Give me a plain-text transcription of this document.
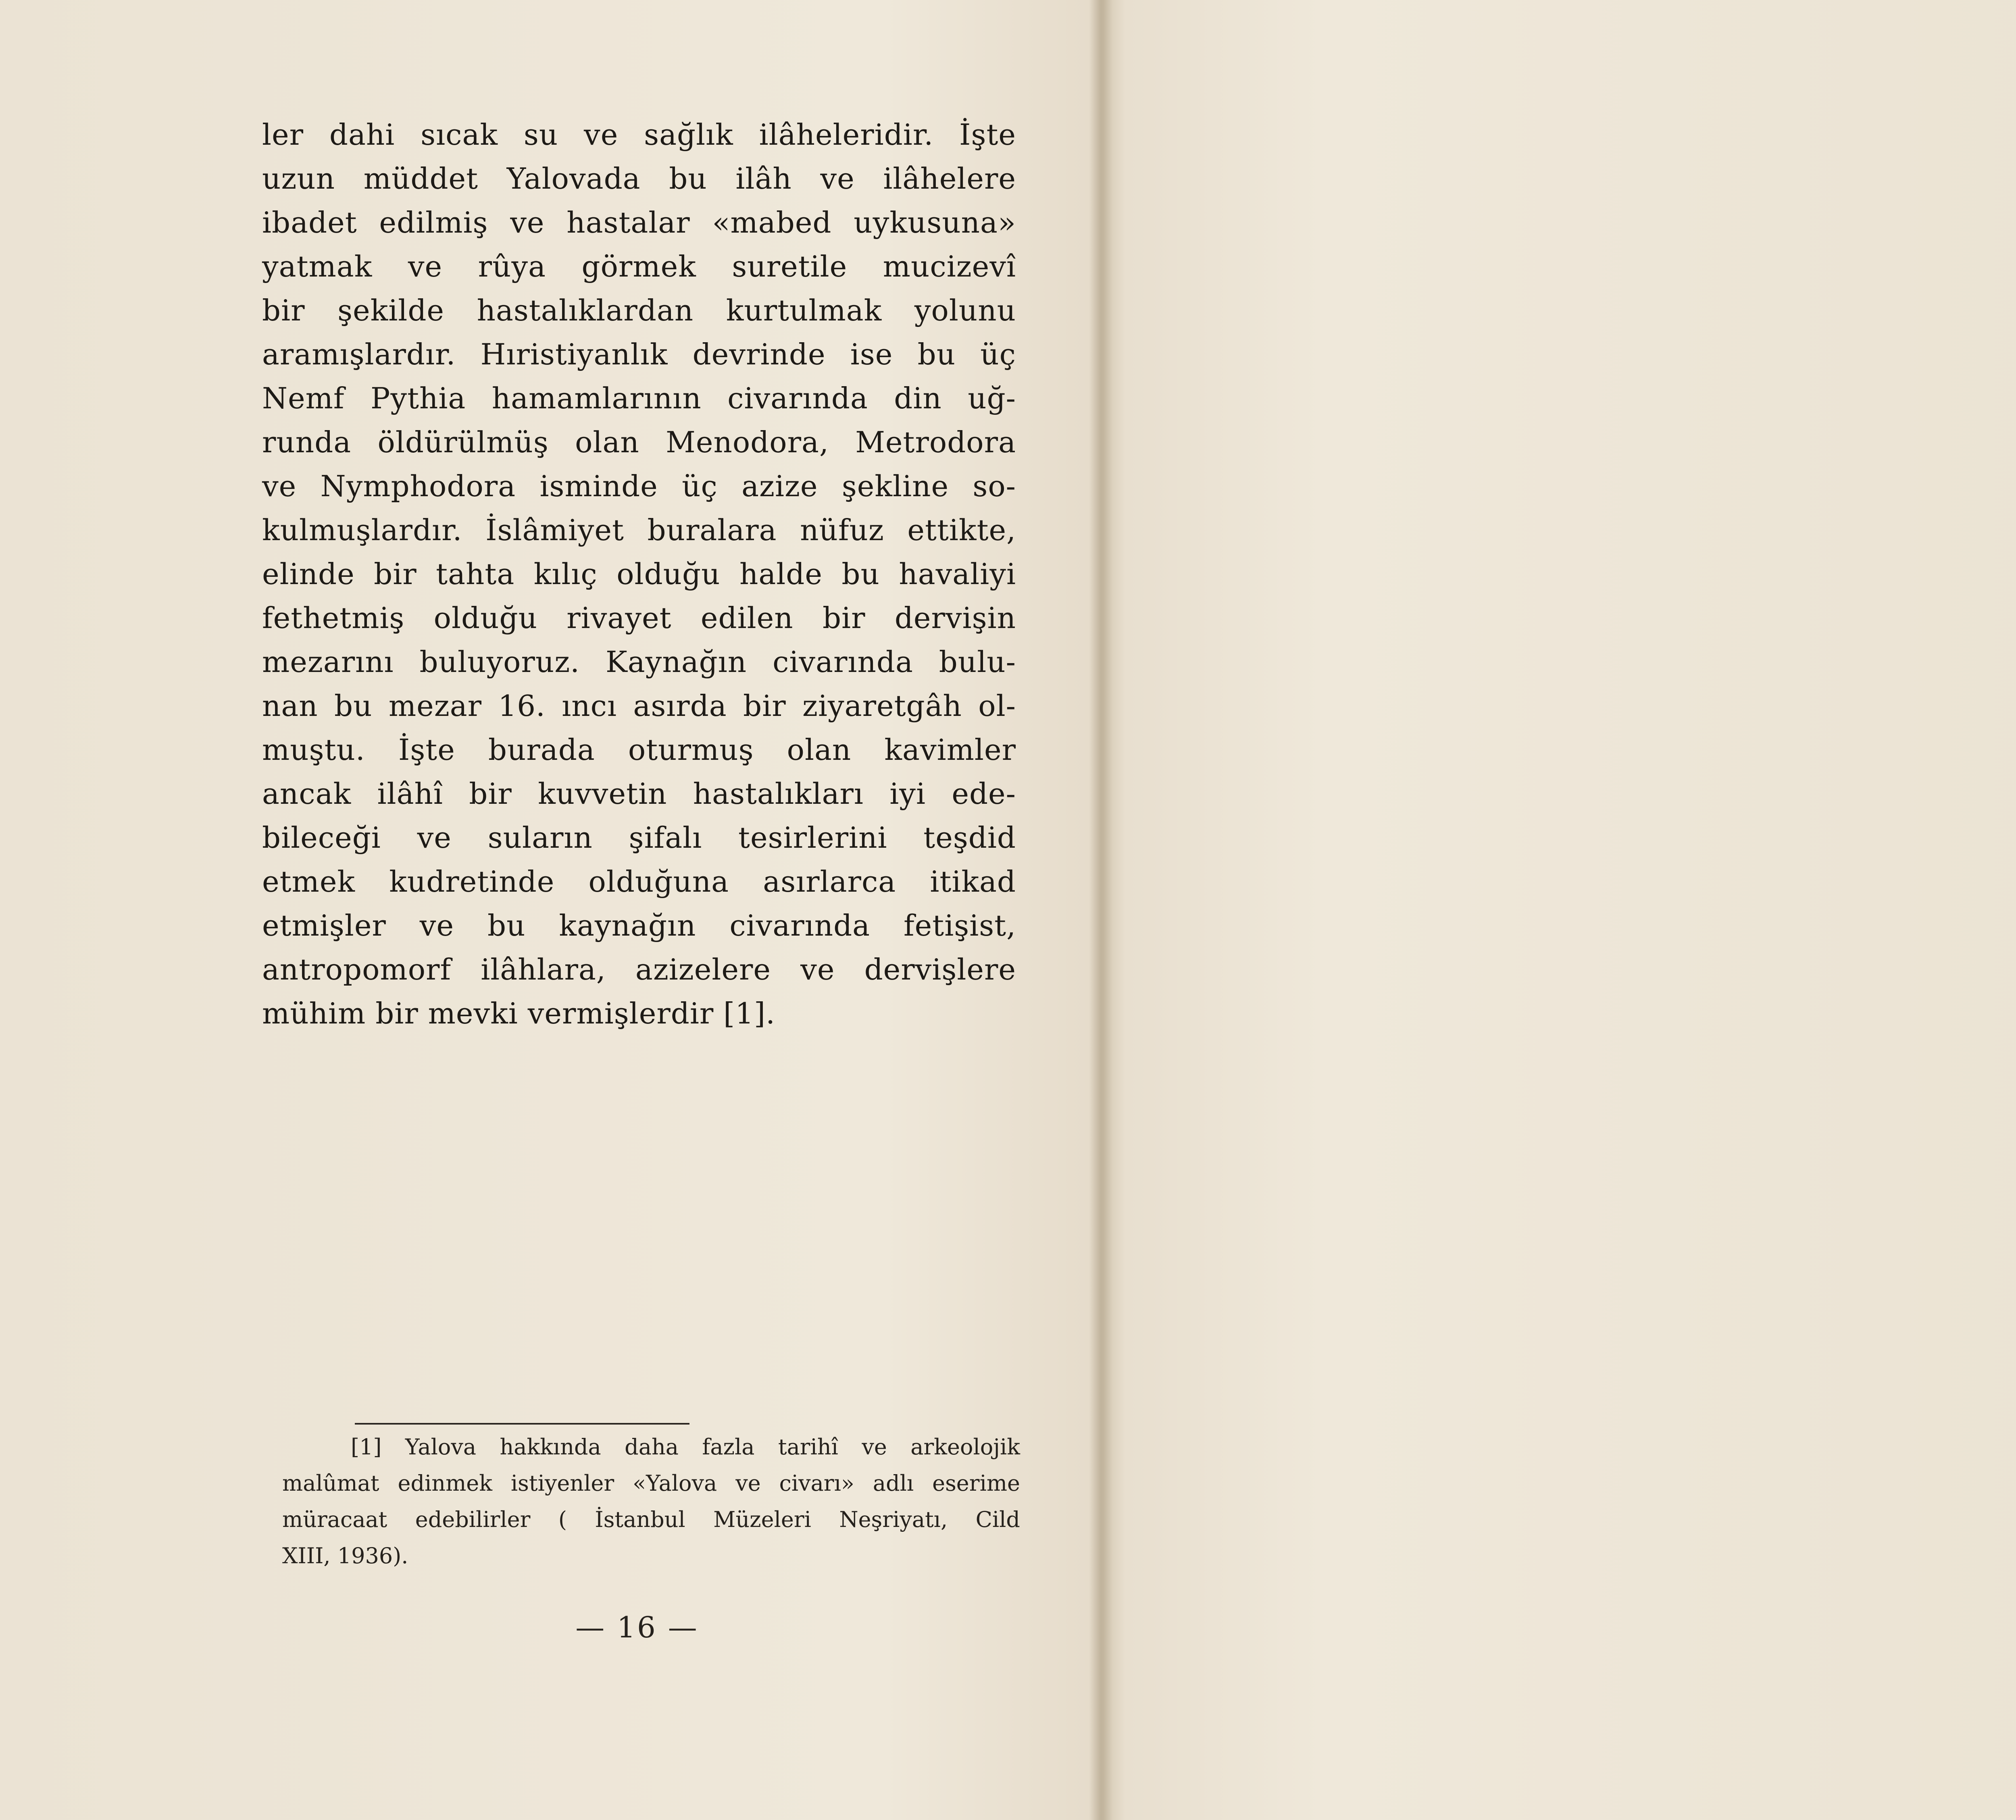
ler dahi sıcak su ve sağlık ilâheleridir. İşte
uzun müddet Yalovada bu ilâh ve ilâhelere
ibadet edilmiş ve hastalar «mabed uykusuna»
yatmak ve rûya görmek suretile mucizevî
bir şekilde hastalıklardan kurtulmak yolunu
aramışlardır. Hıristiyanlık devrinde ise bu üç
Nemf Pythia hamamlarının civarında din uğ-
runda öldürülmüş olan Menodora, Metrodora
ve Nymphodora isminde üç azize şekline so-
kulmuşlardır. İslâmiyet buralara nüfuz ettikte,
elinde bir tahta kılıç olduğu halde bu havaliyi
fethetmiş olduğu rivayet edilen bir dervişin
mezarını buluyoruz. Kaynağın civarında bulu-
nan bu mezar 16. ıncı asırda bir ziyaretgâh ol-
muştu. İşte burada oturmuş olan kavimler
ancak ilâhî bir kuvvetin hastalıkları iyi ede-
bileceği ve suların şifalı tesirlerini teşdid
etmek kudretinde olduğuna asırlarca itikad
etmişler ve bu kaynağın civarında fetişist,
antropomorf ilâhlara, azizelere ve dervişlere
mühim bir mevki vermişlerdir [1].
[1] Yalova hakkında daha fazla tarihî ve arkeolojik
malûmat edinmek istiyenler «Yalova ve civarı» adlı eserime
müracaat edebilirler ( İstanbul Müzeleri Neşriyatı, Cild
XIII, 1936).
— 16 —
